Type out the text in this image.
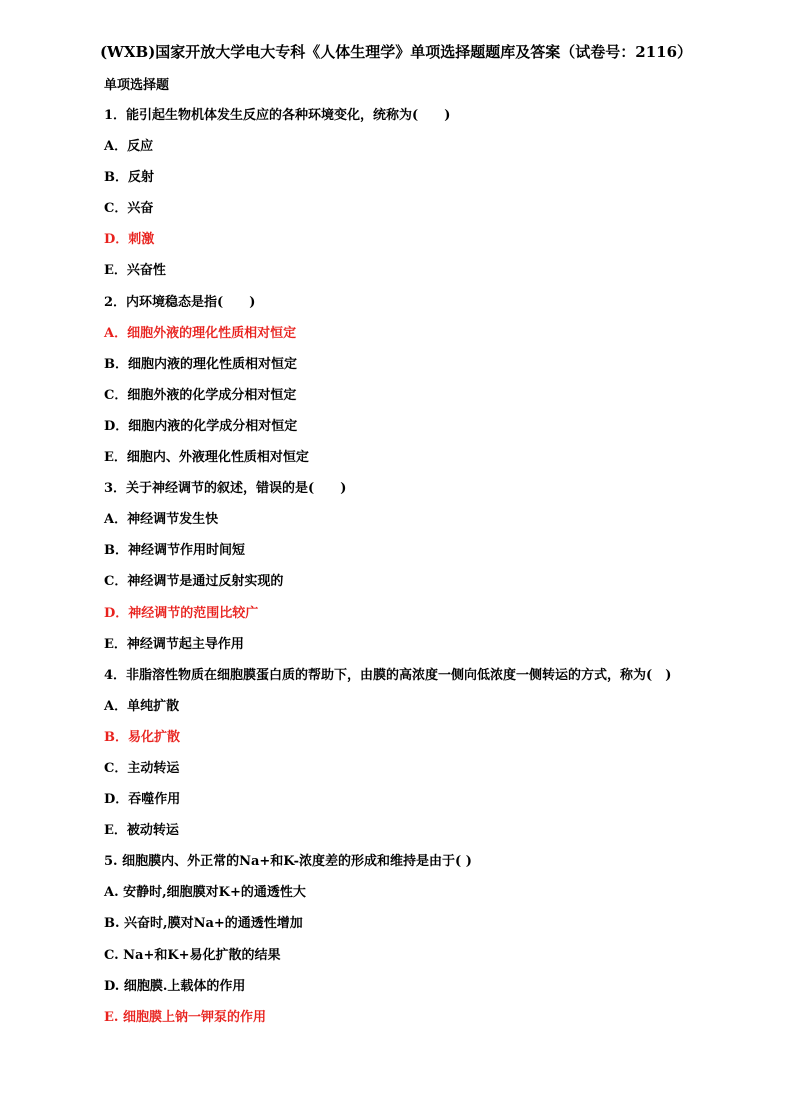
(WXB)国家开放大学电大专科《人体生理学》单项选择题题库及答案（试卷号：2116）
单项选择题
1．能引起生物机体发生反应的各种环境变化，统称为(　　)
A．反应
B．反射
C．兴奋
D．刺激
E．兴奋性
2．内环境稳态是指(　　)
A．细胞外液的理化性质相对恒定
B．细胞内液的理化性质相对恒定
C．细胞外液的化学成分相对恒定
D．细胞内液的化学成分相对恒定
E．细胞内、外液理化性质相对恒定
3．关于神经调节的叙述，错误的是(　　)
A．神经调节发生快
B．神经调节作用时间短
C．神经调节是通过反射实现的
D．神经调节的范围比较广
E．神经调节起主导作用
4．非脂溶性物质在细胞膜蛋白质的帮助下，由膜的高浓度一侧向低浓度一侧转运的方式，称为(　)
A．单纯扩散
B．易化扩散
C．主动转运
D．吞噬作用
E．被动转运
5. 细胞膜内、外正常的Na+和K-浓度差的形成和维持是由于( )
A. 安静时,细胞膜对K+的通透性大
B. 兴奋时,膜对Na+的通透性增加
C. Na+和K+易化扩散的结果
D. 细胞膜.上载体的作用
E. 细胞膜上钠一钾泵的作用
